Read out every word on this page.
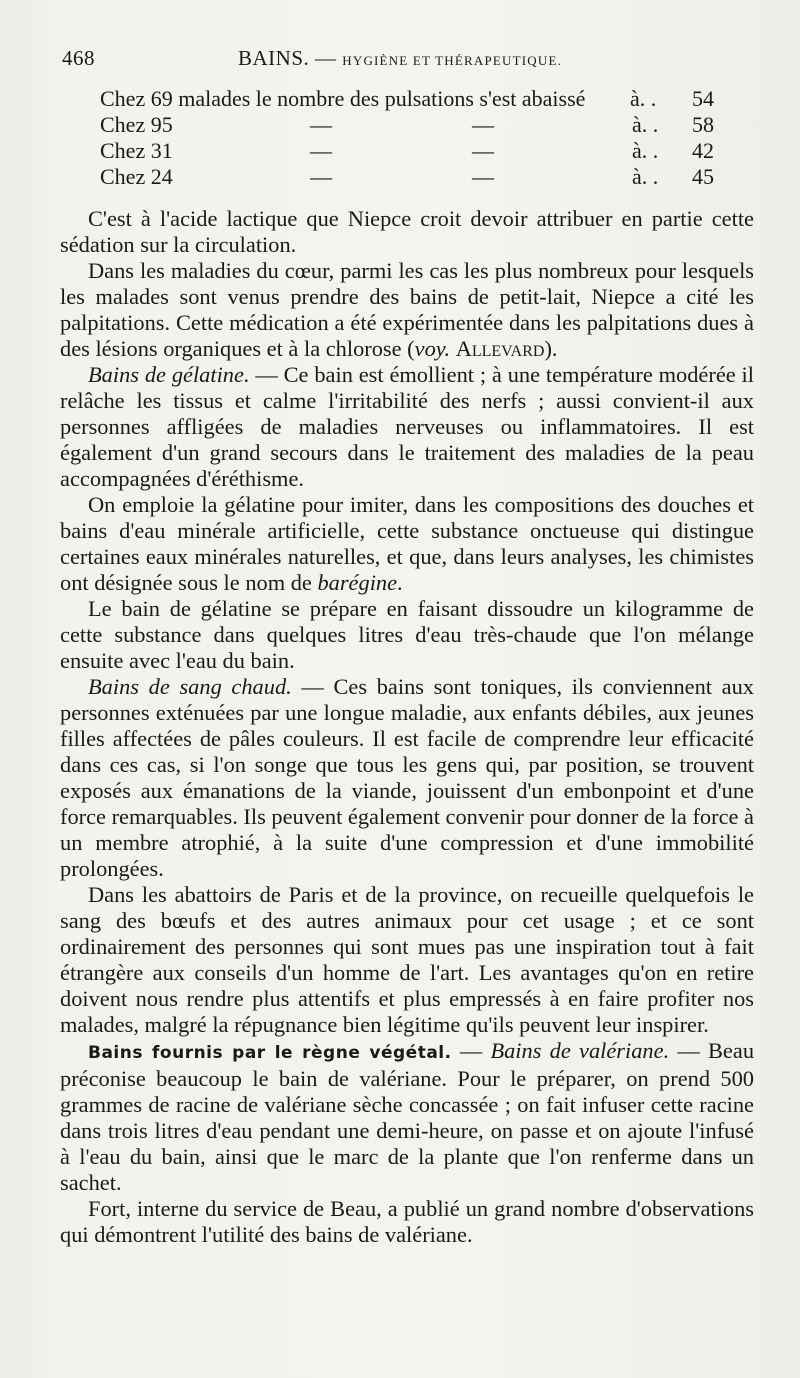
468	BAINS. — HYGIÈNE ET THÉRAPEUTIQUE.
Chez 69 malades le nombre des pulsations s'est abaissé à. . 54
Chez 95	—	—	à. . 58
Chez 31	—	—	à. . 42
Chez 24	—	—	à. . 45

C'est à l'acide lactique que Niepce croit devoir attribuer en partie cette sédation sur la circulation.

Dans les maladies du cœur, parmi les cas les plus nombreux pour lesquels les malades sont venus prendre des bains de petit-lait, Niepce a cité les palpitations. Cette médication a été expérimentée dans les palpitations dues à des lésions organiques et à la chlorose (voy. Allevard).

Bains de gélatine. — Ce bain est émollient ; à une température modérée il relâche les tissus et calme l'irritabilité des nerfs ; aussi convient-il aux personnes affligées de maladies nerveuses ou inflammatoires. Il est également d'un grand secours dans le traitement des maladies de la peau accompagnées d'éréthisme.

On emploie la gélatine pour imiter, dans les compositions des douches et bains d'eau minérale artificielle, cette substance onctueuse qui distingue certaines eaux minérales naturelles, et que, dans leurs analyses, les chimistes ont désignée sous le nom de barégine.

Le bain de gélatine se prépare en faisant dissoudre un kilogramme de cette substance dans quelques litres d'eau très-chaude que l'on mélange ensuite avec l'eau du bain.

Bains de sang chaud. — Ces bains sont toniques, ils conviennent aux personnes exténuées par une longue maladie, aux enfants débiles, aux jeunes filles affectées de pâles couleurs. Il est facile de comprendre leur efficacité dans ces cas, si l'on songe que tous les gens qui, par position, se trouvent exposés aux émanations de la viande, jouissent d'un embonpoint et d'une force remarquables. Ils peuvent également convenir pour donner de la force à un membre atrophié, à la suite d'une compression et d'une immobilité prolongées.

Dans les abattoirs de Paris et de la province, on recueille quelquefois le sang des bœufs et des autres animaux pour cet usage ; et ce sont ordinairement des personnes qui sont mues pas une inspiration tout à fait étrangère aux conseils d'un homme de l'art. Les avantages qu'on en retire doivent nous rendre plus attentifs et plus empressés à en faire profiter nos malades, malgré la répugnance bien légitime qu'ils peuvent leur inspirer.

Bains fournis par le règne végétal. — Bains de valériane. — Beau préconise beaucoup le bain de valériane. Pour le préparer, on prend 500 grammes de racine de valériane sèche concassée ; on fait infuser cette racine dans trois litres d'eau pendant une demi-heure, on passe et on ajoute l'infusé à l'eau du bain, ainsi que le marc de la plante que l'on renferme dans un sachet.

Fort, interne du service de Beau, a publié un grand nombre d'observations qui démontrent l'utilité des bains de valériane.
